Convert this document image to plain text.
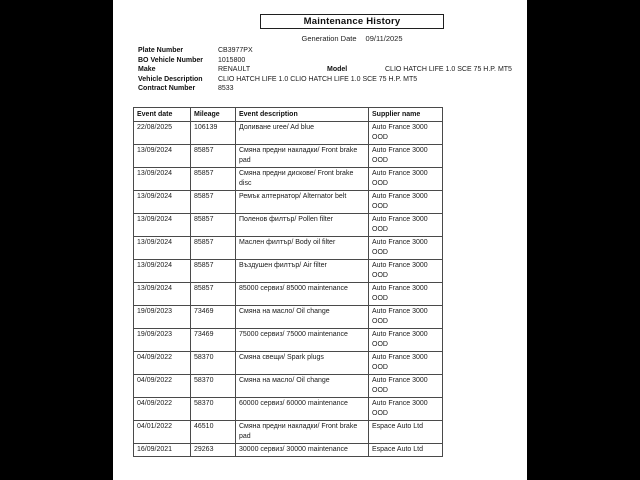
Maintenance History
Generation Date 09/11/2025
Plate Number	CB3977PX
BO Vehicle Number	1015800
Make	RENAULT	Model	CLIO HATCH LIFE 1.0 SCE 75 H.P. MT5
Vehicle Description	CLIO HATCH LIFE 1.0 CLIO HATCH LIFE 1.0 SCE 75 H.P. MT5
Contract Number	8533
Event date	Mileage	Event description	Supplier name
22/08/2025	106139	Доливане uree/ Ad blue	Auto France 3000 OOD
13/09/2024	85857	Смяна предни накладки/ Front brake pad	Auto France 3000 OOD
13/09/2024	85857	Смяна предни дискове/ Front brake disc	Auto France 3000 OOD
13/09/2024	85857	Ремък алтернатор/ Alternator belt	Auto France 3000 OOD
13/09/2024	85857	Поленов филтър/ Pollen filter	Auto France 3000 OOD
13/09/2024	85857	Маслен филтър/ Body oil filter	Auto France 3000 OOD
13/09/2024	85857	Въздушен филтър/ Air filter	Auto France 3000 OOD
13/09/2024	85857	85000 сервиз/ 85000 maintenance	Auto France 3000 OOD
19/09/2023	73469	Смяна на масло/ Oil change	Auto France 3000 OOD
19/09/2023	73469	75000 сервиз/ 75000 maintenance	Auto France 3000 OOD
04/09/2022	58370	Смяна свещи/ Spark plugs	Auto France 3000 OOD
04/09/2022	58370	Смяна на масло/ Oil change	Auto France 3000 OOD
04/09/2022	58370	60000 сервиз/ 60000 maintenance	Auto France 3000 OOD
04/01/2022	46510	Смяна предни накладки/ Front brake pad	Espace Auto Ltd
16/09/2021	29263	30000 сервиз/ 30000 maintenance	Espace Auto Ltd
